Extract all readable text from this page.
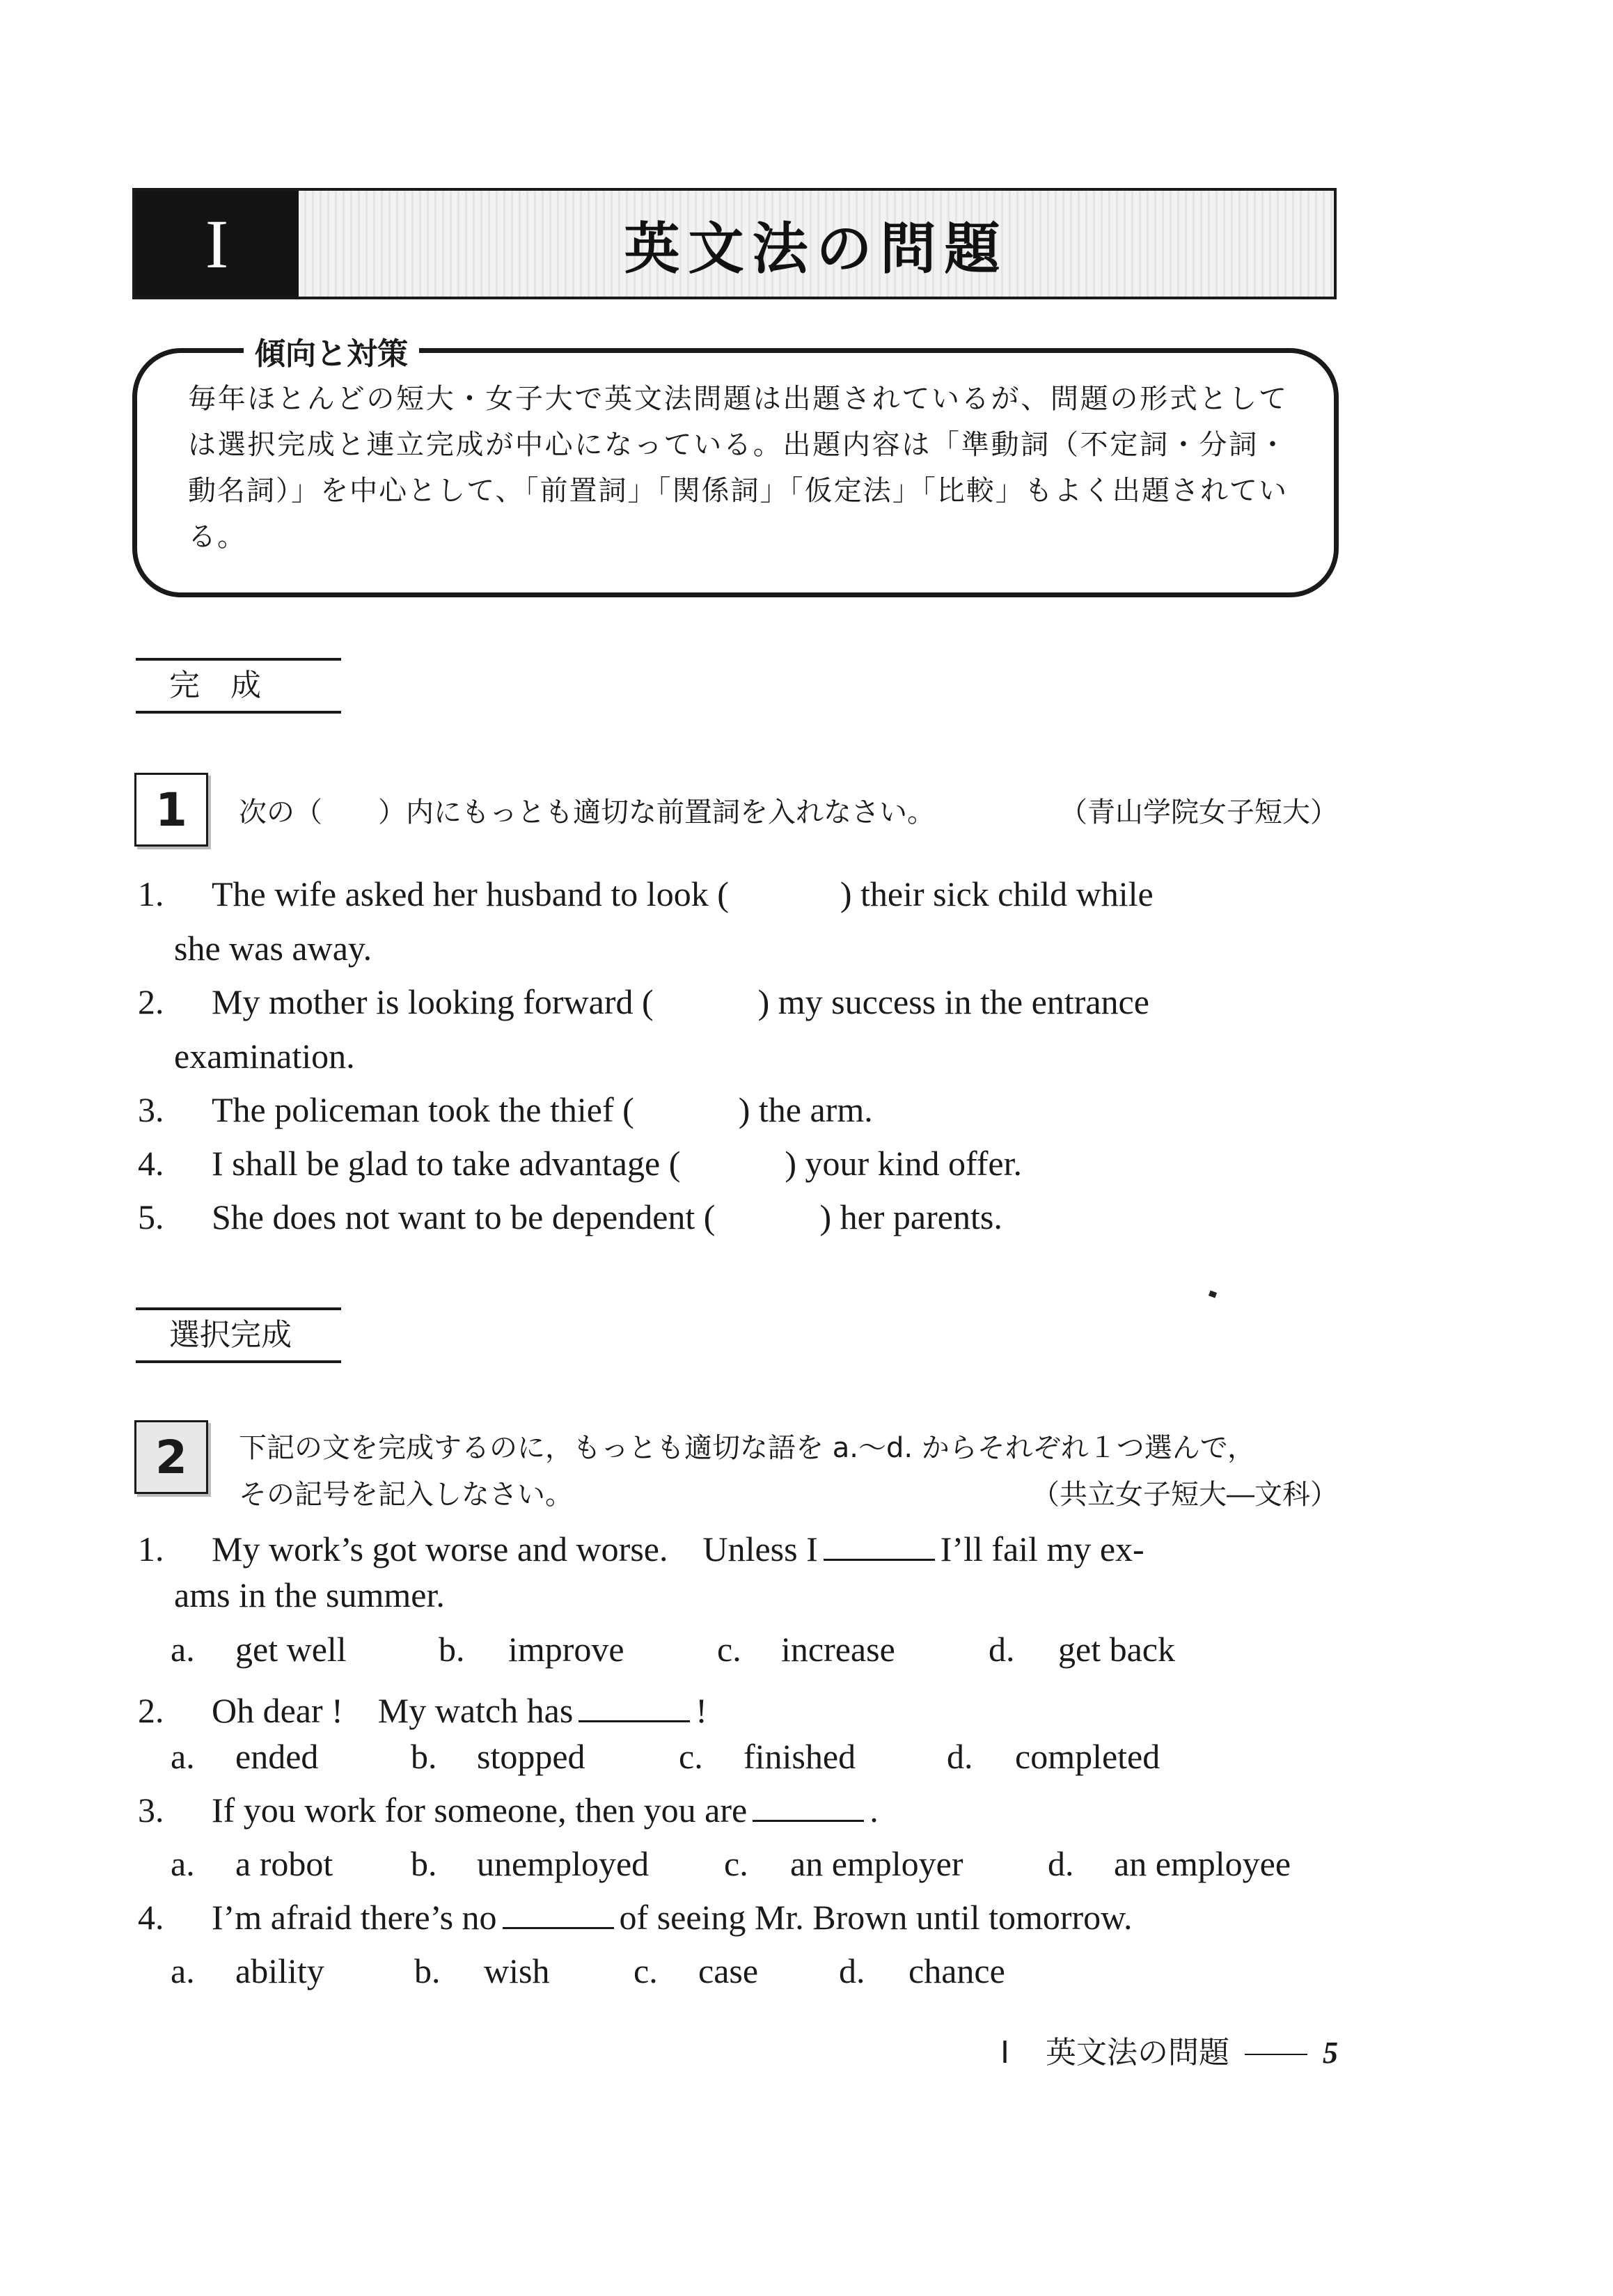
I	英文法の問題
傾向と対策
毎年ほとんどの短大・女子大で英文法問題は出題されているが、問題の形式としては選択完成と連立完成が中心になっている。出題内容は「準動詞（不定詞・分詞・動名詞）」を中心として、「前置詞」「関係詞」「仮定法」「比較」もよく出題されている。
完　成
1	次の（　　）内にもっとも適切な前置詞を入れなさい。	（青山学院女子短大）
1. The wife asked her husband to look (	) their sick child while
she was away.
2. My mother is looking forward (	) my success in the entrance
examination.
3. The policeman took the thief (	) the arm.
4. I shall be glad to take advantage (	) your kind offer.
5. She does not want to be dependent (	) her parents.
選択完成
2	下記の文を完成するのに，もっとも適切な語を a.～d. からそれぞれ１つ選んで，
その記号を記入しなさい。	（共立女子短大―文科）
1. My work’s got worse and worse.　Unless I	I’ll fail my ex-
ams in the summer.
a. get well	b. improve	c. increase	d. get back
2. Oh dear !　My watch has	!
a. ended	b. stopped	c. finished	d. completed
3. If you work for someone, then you are	.
a. a robot b. unemployed c. an employer d. an employee
4. I’m afraid there’s no	of seeing Mr. Brown until tomorrow.
a. ability	b. wish c. case d. chance
I 英文法の問題	5
